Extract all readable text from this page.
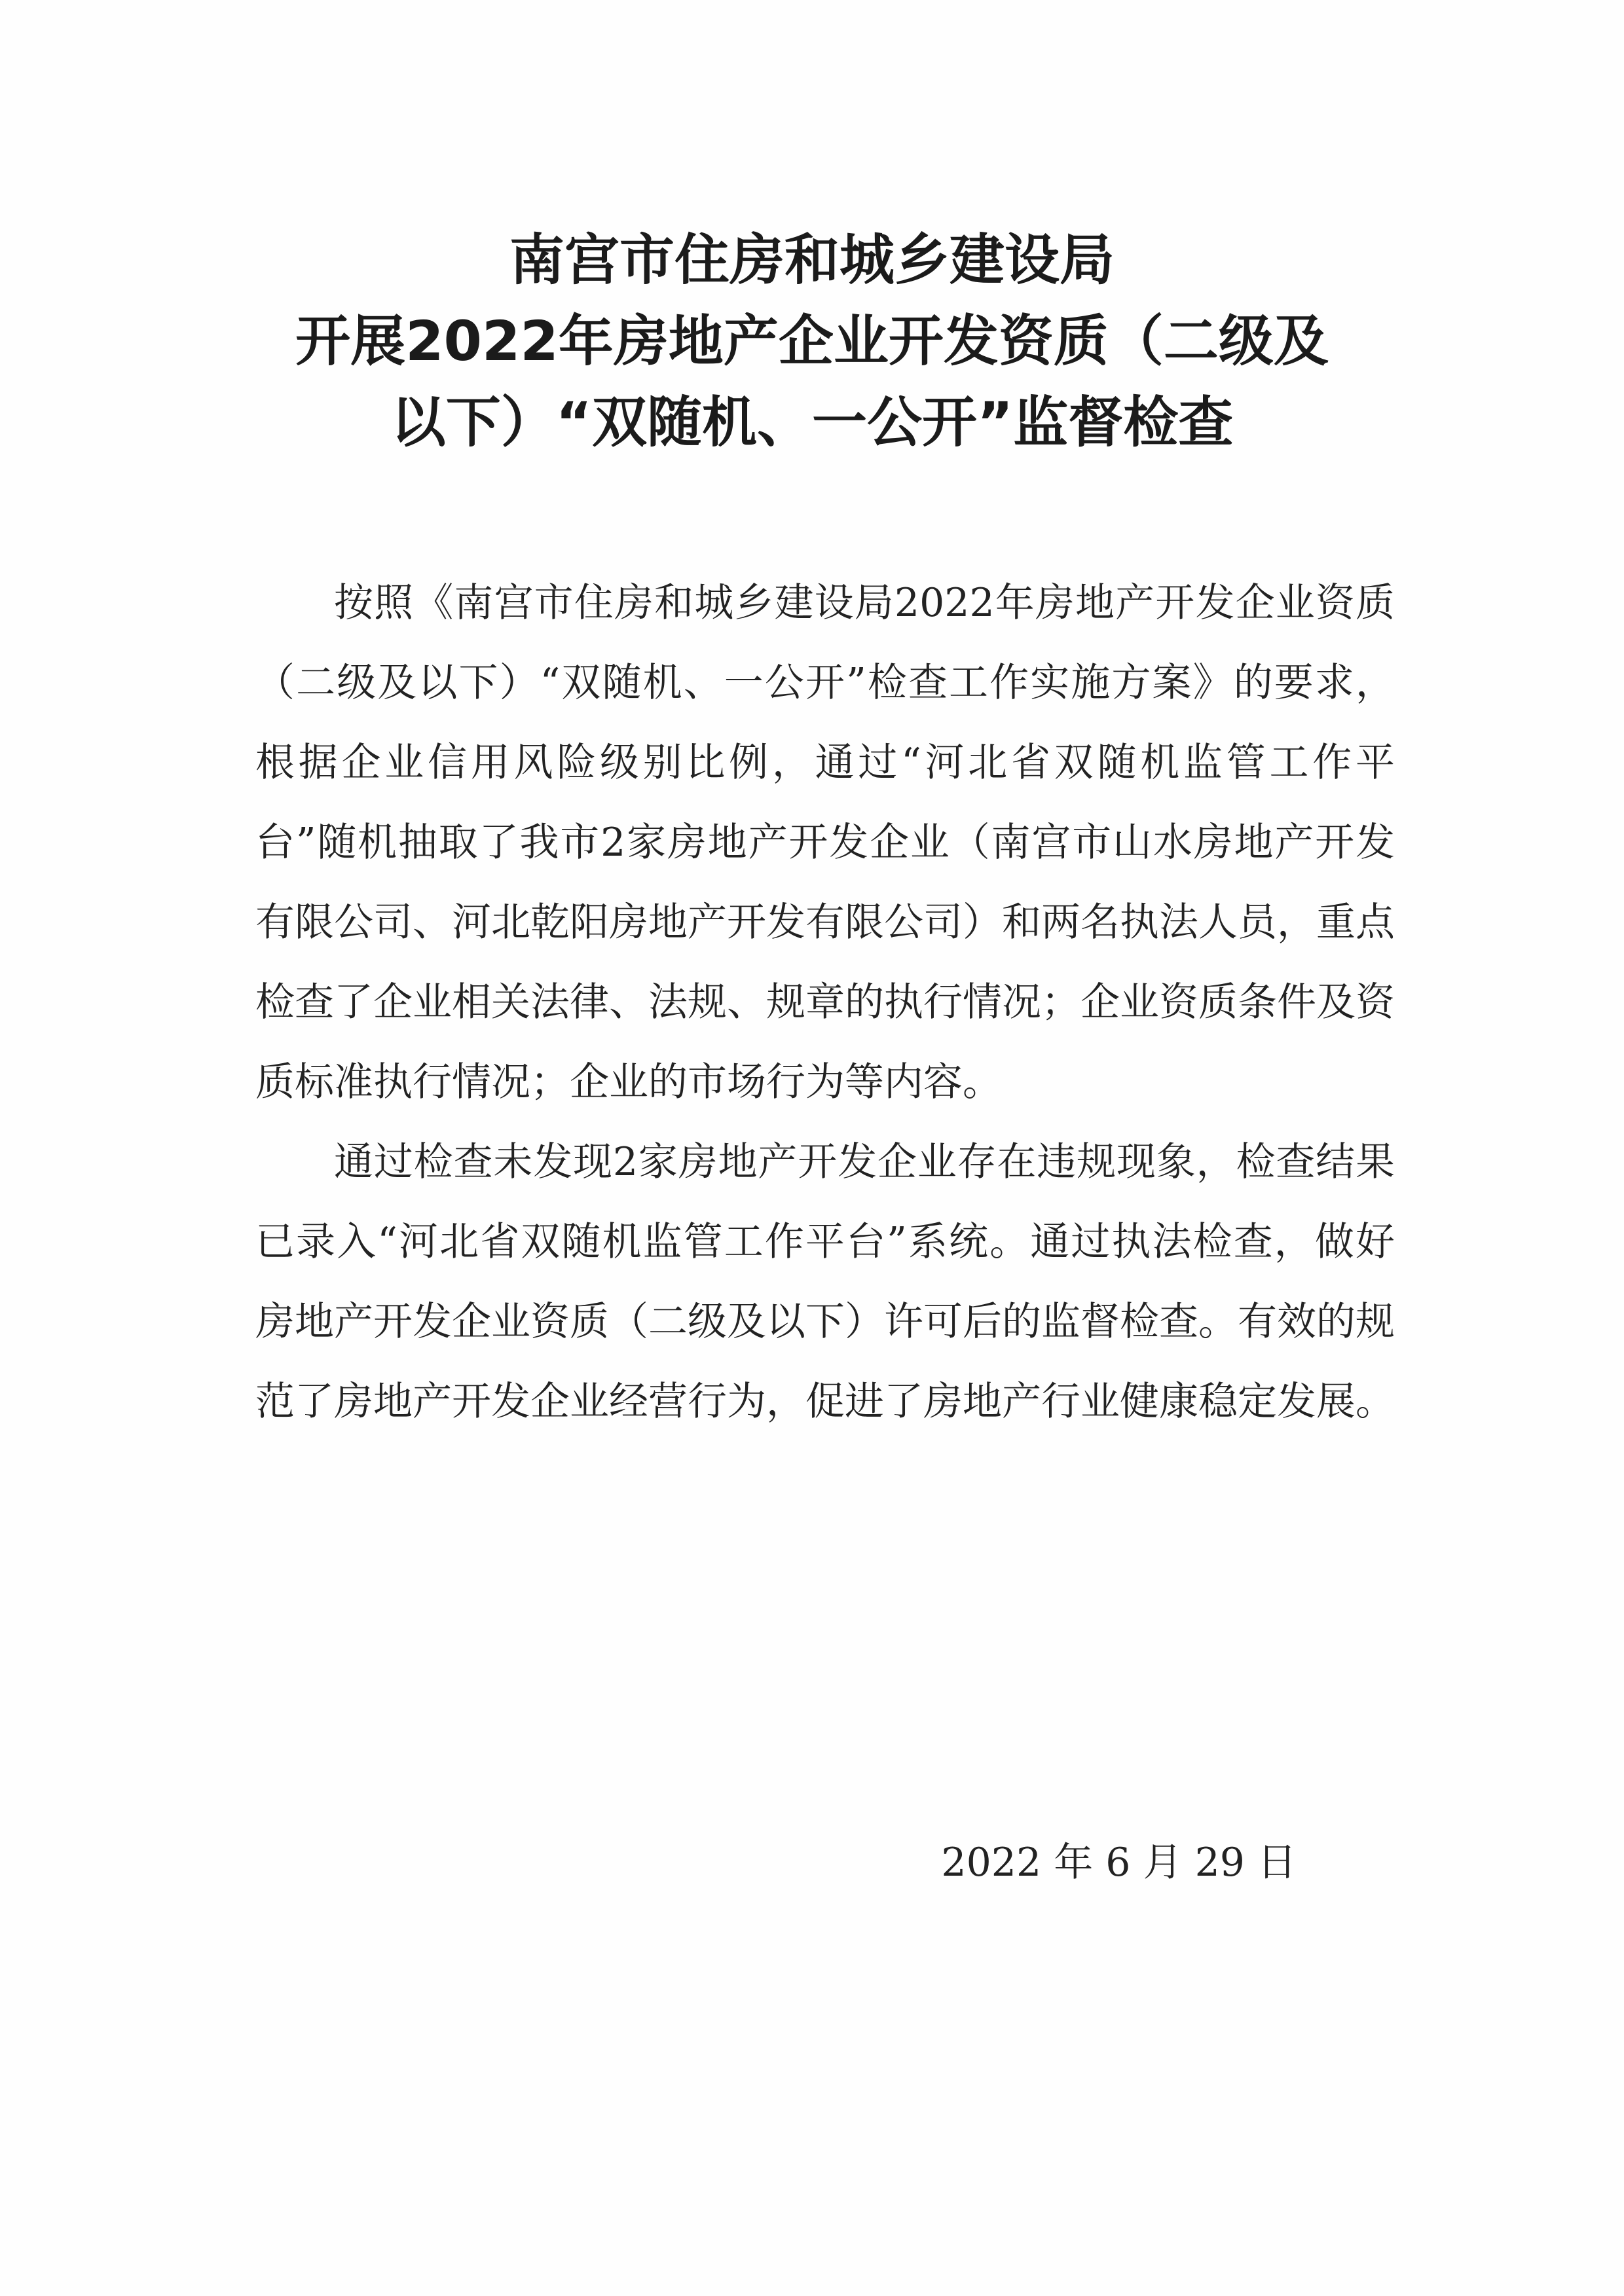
南宫市住房和城乡建设局
开展2022年房地产企业开发资质（二级及
以下）“双随机、一公开”监督检查

按照《南宫市住房和城乡建设局2022年房地产开发企业资质（二级及以下）“双随机、一公开”检查工作实施方案》的要求，根据企业信用风险级别比例，通过“河北省双随机监管工作平台”随机抽取了我市2家房地产开发企业（南宫市山水房地产开发有限公司、河北乾阳房地产开发有限公司）和两名执法人员，重点检查了企业相关法律、法规、规章的执行情况；企业资质条件及资质标准执行情况；企业的市场行为等内容。

通过检查未发现2家房地产开发企业存在违规现象，检查结果已录入“河北省双随机监管工作平台”系统。通过执法检查，做好房地产开发企业资质（二级及以下）许可后的监督检查。有效的规范了房地产开发企业经营行为，促进了房地产行业健康稳定发展。

2022 年 6 月 29 日
